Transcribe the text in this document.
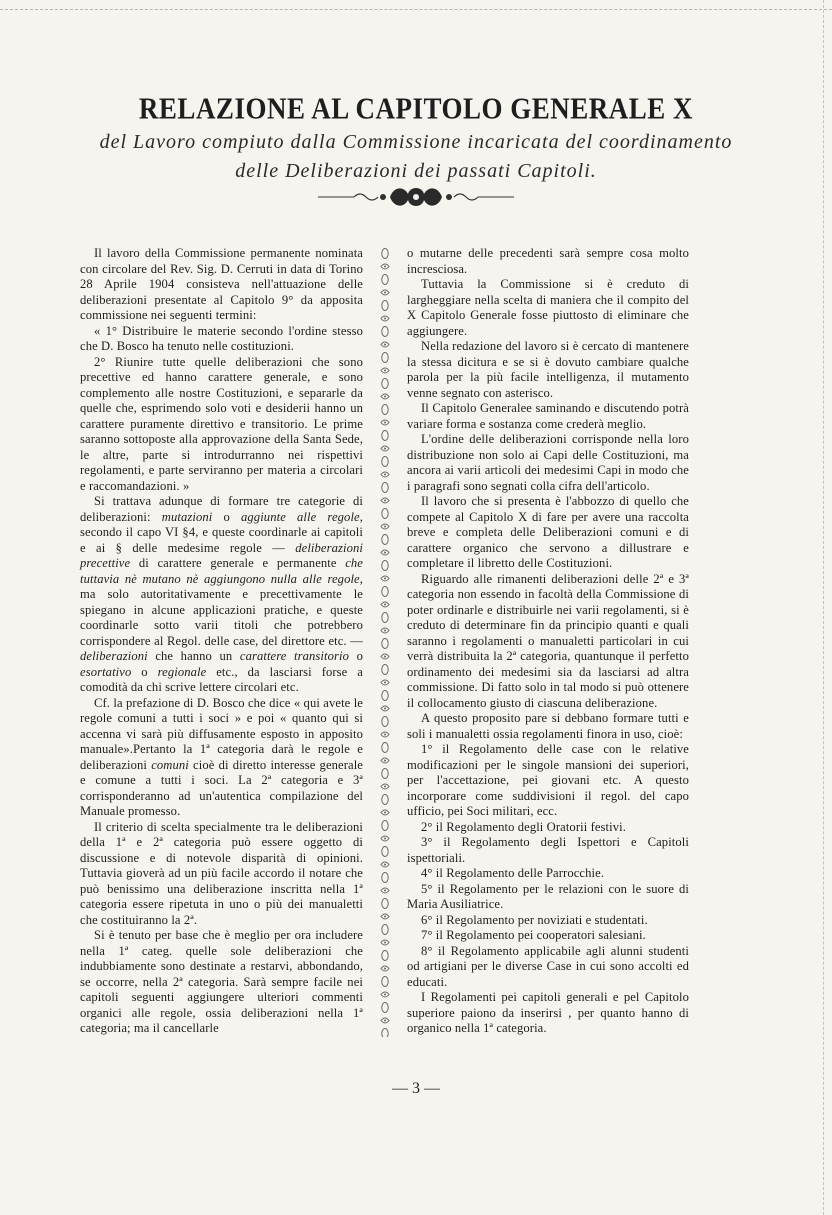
RELAZIONE AL CAPITOLO GENERALE X
del Lavoro compiuto dalla Commissione incaricata del coordinamento
delle Deliberazioni dei passati Capitoli.

Il lavoro della Commissione permanente nominata con circolare del Rev. Sig. D. Cerruti in data di Torino 28 Aprile 1904 consisteva nell'attuazione delle deliberazioni presentate al Capitolo 9° da apposita commissione nei seguenti termini:

« 1° Distribuire le materie secondo l'ordine stesso che D. Bosco ha tenuto nelle costituzioni.

2° Riunire tutte quelle deliberazioni che sono precettive ed hanno carattere generale, e sono complemento alle nostre Costituzioni, e separarle da quelle che, esprimendo solo voti e desiderii hanno un carattere puramente direttivo e transitorio. Le prime saranno sottoposte alla approvazione della Santa Sede, le altre, parte si introdurranno nei rispettivi regolamenti, e parte serviranno per materia a circolari e raccomandazioni. »

Si trattava adunque di formare tre categorie di deliberazioni: mutazioni o aggiunte alle regole, secondo il capo VI §4, e queste coordinarle ai capitoli e ai § delle medesime regole — deliberazioni precettive di carattere generale e permanente che tuttavia nè mutano nè aggiungono nulla alle regole, ma solo autoritativamente e precettivamente le spiegano in alcune applicazioni pratiche, e queste coordinarle sotto varii titoli che potrebbero corrispondere al Regol. delle case, del direttore etc. — deliberazioni che hanno un carattere transitorio o esortativo o regionale etc., da lasciarsi forse a comodità da chi scrive lettere circolari etc.

Cf. la prefazione di D. Bosco che dice « qui avete le regole comuni a tutti i soci » e poi « quanto qui si accenna vi sarà più diffusamente esposto in apposito manuale».Pertanto la 1ª categoria darà le regole e deliberazioni comuni cioè di diretto interesse generale e comune a tutti i soci. La 2ª categoria e 3ª corrisponderanno ad un'autentica compilazione del Manuale promesso.

Il criterio di scelta specialmente tra le deliberazioni della 1ª e 2ª categoria può essere oggetto di discussione e di notevole disparità di opinioni. Tuttavia gioverà ad un più facile accordo il notare che può benissimo una deliberazione inscritta nella 1ª categoria essere ripetuta in uno o più dei manualetti che costituiranno la 2ª.

Si è tenuto per base che è meglio per ora includere nella 1ª categ. quelle sole deliberazioni che indubbiamente sono destinate a restarvi, abbondando, se occorre, nella 2ª categoria. Sarà sempre facile nei capitoli seguenti aggiungere ulteriori commenti organici alle regole, ossia deliberazioni nella 1ª categoria; ma il cancellarle

o mutarne delle precedenti sarà sempre cosa molto incresciosa.

Tuttavia la Commissione si è creduto di largheggiare nella scelta di maniera che il compito del X Capitolo Generale fosse piuttosto di eliminare che aggiungere.

Nella redazione del lavoro si è cercato di mantenere la stessa dicitura e se si è dovuto cambiare qualche parola per la più facile intelligenza, il mutamento venne segnato con asterisco.

Il Capitolo Generalee saminando e discutendo potrà variare forma e sostanza come crederà meglio.

L'ordine delle deliberazioni corrisponde nella loro distribuzione non solo ai Capi delle Costituzioni, ma ancora ai varii articoli dei medesimi Capi in modo che i paragrafi sono segnati colla cifra dell'articolo.

Il lavoro che si presenta è l'abbozzo di quello che compete al Capitolo X di fare per avere una raccolta breve e completa delle Deliberazioni comuni e di carattere organico che servono a dillustrare e completare il libretto delle Costituzioni.

Riguardo alle rimanenti deliberazioni delle 2ª e 3ª categoria non essendo in facoltà della Commissione di poter ordinarle e distribuirle nei varii regolamenti, si è creduto di determinare fin da principio quanti e quali saranno i regolamenti o manualetti particolari in cui verrà distribuita la 2ª categoria, quantunque il perfetto ordinamento dei medesimi sia da lasciarsi ad altra commissione. Di fatto solo in tal modo si può ottenere il collocamento giusto di ciascuna deliberazione.

A questo proposito pare si debbano formare tutti e soli i manualetti ossia regolamenti finora in uso, cioè:

1° il Regolamento delle case con le relative modificazioni per le singole mansioni dei superiori, per l'accettazione, pei giovani etc. A questo incorporare come suddivisioni il regol. del capo ufficio, pei Soci militari, ecc.

2° il Regolamento degli Oratorii festivi.

3° il Regolamento degli Ispettori e Capitoli ispettoriali.

4° il Regolamento delle Parrocchie.

5° il Regolamento per le relazioni con le suore di Maria Ausiliatrice.

6° il Regolamento per noviziati e studentati.

7° il Regolamento pei cooperatori salesiani.

8° il Regolamento applicabile agli alunni studenti od artigiani per le diverse Case in cui sono accolti ed educati.

I Regolamenti pei capitoli generali e pel Capitolo superiore paiono da inserirsi , per quanto hanno di organico nella 1ª categoria.

— 3 —
